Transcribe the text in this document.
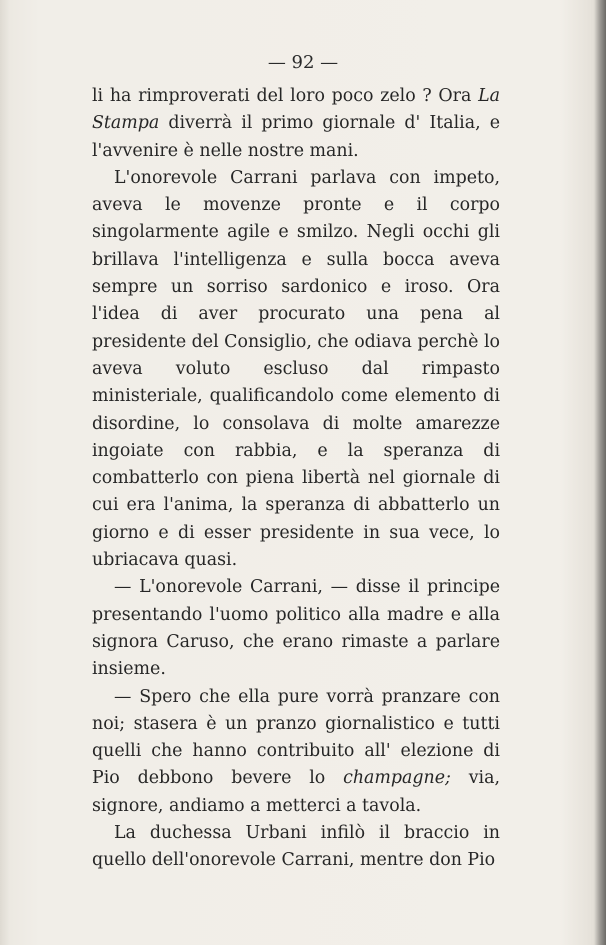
— 92 —

li ha rimproverati del loro poco zelo ? Ora La Stampa diverrà il primo giornale d' Italia, e l'avvenire è nelle nostre mani.

L'onorevole Carrani parlava con impeto, aveva le movenze pronte e il corpo singolarmente agile e smilzo. Negli occhi gli brillava l'intelligenza e sulla bocca aveva sempre un sorriso sardonico e iroso. Ora l'idea di aver procurato una pena al presidente del Consiglio, che odiava perchè lo aveva voluto escluso dal rimpasto ministeriale, qualificandolo come elemento di disordine, lo consolava di molte amarezze ingoiate con rabbia, e la speranza di combatterlo con piena libertà nel giornale di cui era l'anima, la speranza di abbatterlo un giorno e di esser presidente in sua vece, lo ubriacava quasi.

— L'onorevole Carrani, — disse il principe presentando l'uomo politico alla madre e alla signora Caruso, che erano rimaste a parlare insieme.

— Spero che ella pure vorrà pranzare con noi; stasera è un pranzo giornalistico e tutti quelli che hanno contribuito all' elezione di Pio debbono bevere lo champagne; via, signore, andiamo a metterci a tavola.

La duchessa Urbani infilò il braccio in quello dell'onorevole Carrani, mentre don Pio
